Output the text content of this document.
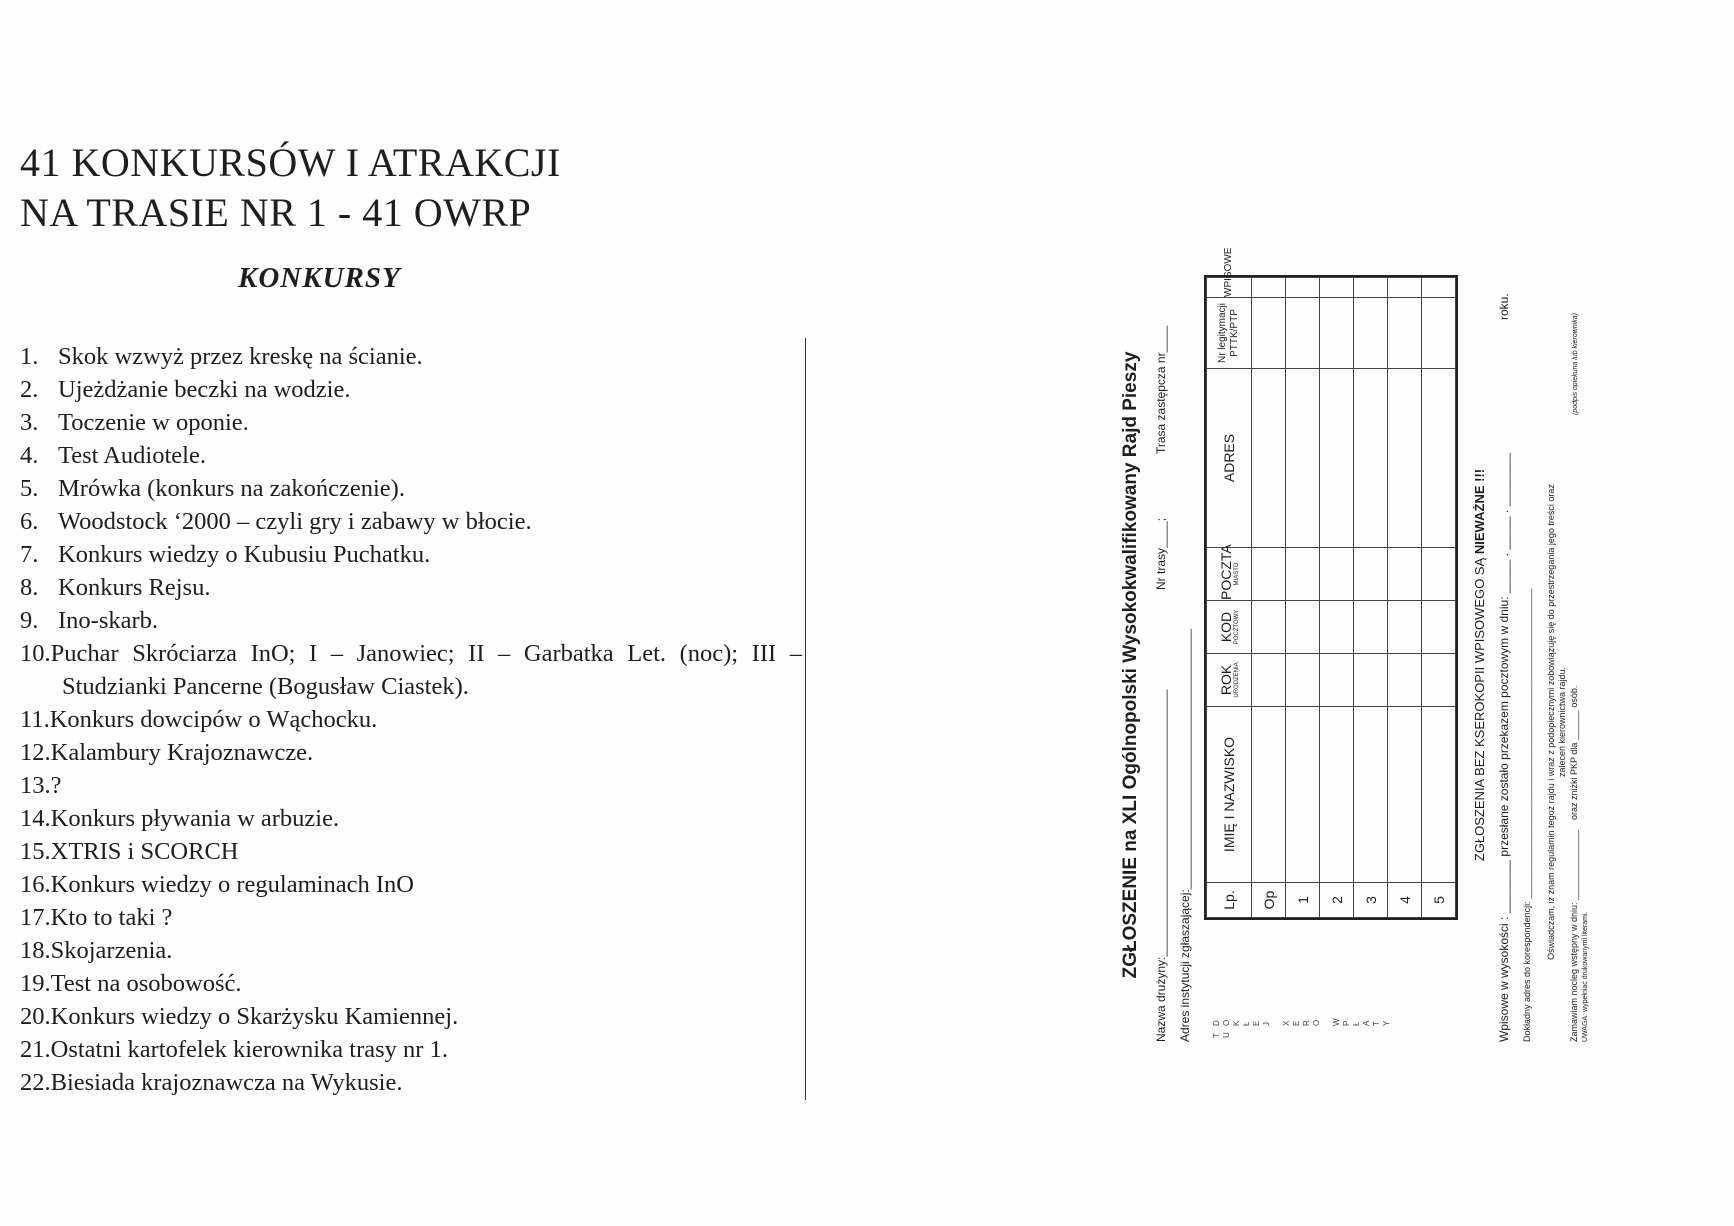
41 KONKURSÓW I ATRAKCJI
NA TRASIE NR 1 - 41 OWRP
KONKURSY
1. Skok wzwyż przez kreskę na ścianie.
2. Ujeżdżanie beczki na wodzie.
3. Toczenie w oponie.
4. Test Audiotele.
5. Mrówka (konkurs na zakończenie).
6. Woodstock ‘2000 – czyli gry i zabawy w błocie.
7. Konkurs wiedzy o Kubusiu Puchatku.
8. Konkurs Rejsu.
9. Ino-skarb.
10.Puchar Skróciarza InO; I – Janowiec; II – Garbatka Let. (noc); III – Studzianki Pancerne (Bogusław Ciastek).
11.Konkurs dowcipów o Wąchocku.
12.Kalambury Krajoznawcze.
13.?
14.Konkurs pływania w arbuzie.
15.XTRIS i SCORCH
16.Konkurs wiedzy o regulaminach InO
17.Kto to taki ?
18.Skojarzenia.
19.Test na osobowość.
20.Konkurs wiedzy o Skarżysku Kamiennej.
21.Ostatni kartofelek kierownika trasy nr 1.
22.Biesiada krajoznawcza na Wykusie.
ZGŁOSZENIE na XLI Ogólnopolski Wysokokwalifikowany Rajd Pieszy Nazwa drużyny:________________________________________
Nr trasy____;
Trasa zastępcza nr____
Adres instytucji zgłaszającej:_______________________________________	T U
D O K Ł E J
X E R O
W P Ł A T Y
Lp.	IMIĘ I NAZWISKO	ROK URODZENIA	KOD POCZTOWY	POCZTA MIASTO	ADRES	Nr legitymacji PTTK/PTP	WPISOWE

Op							
1							
2							
3							
4							
5							
ZGŁOSZENIA BEZ KSEROKOPII WPISOWEGO SĄ NIEWAŻNE !!! Wpisowe w wysokości : ________ przesłane zostało przekazem pocztowym w dniu: _____ . _____ . ________
roku.
Dokładny adres do korespondencji: ______________________________________________________________ Oświadczam, iż znam regulamin tegoż rajdu i wraz z podopiecznymi zobowiązuję się do przestrzegania jego treści oraz
zaleceń kierownictwa rajdu.
Zamawiam nocleg wstępny w dniu: ______________
oraz zniżki PKP dla ______ osób.
(podpis opiekuna lub kierownika)
UWAGA: wypełniać drukowanymi literami.
